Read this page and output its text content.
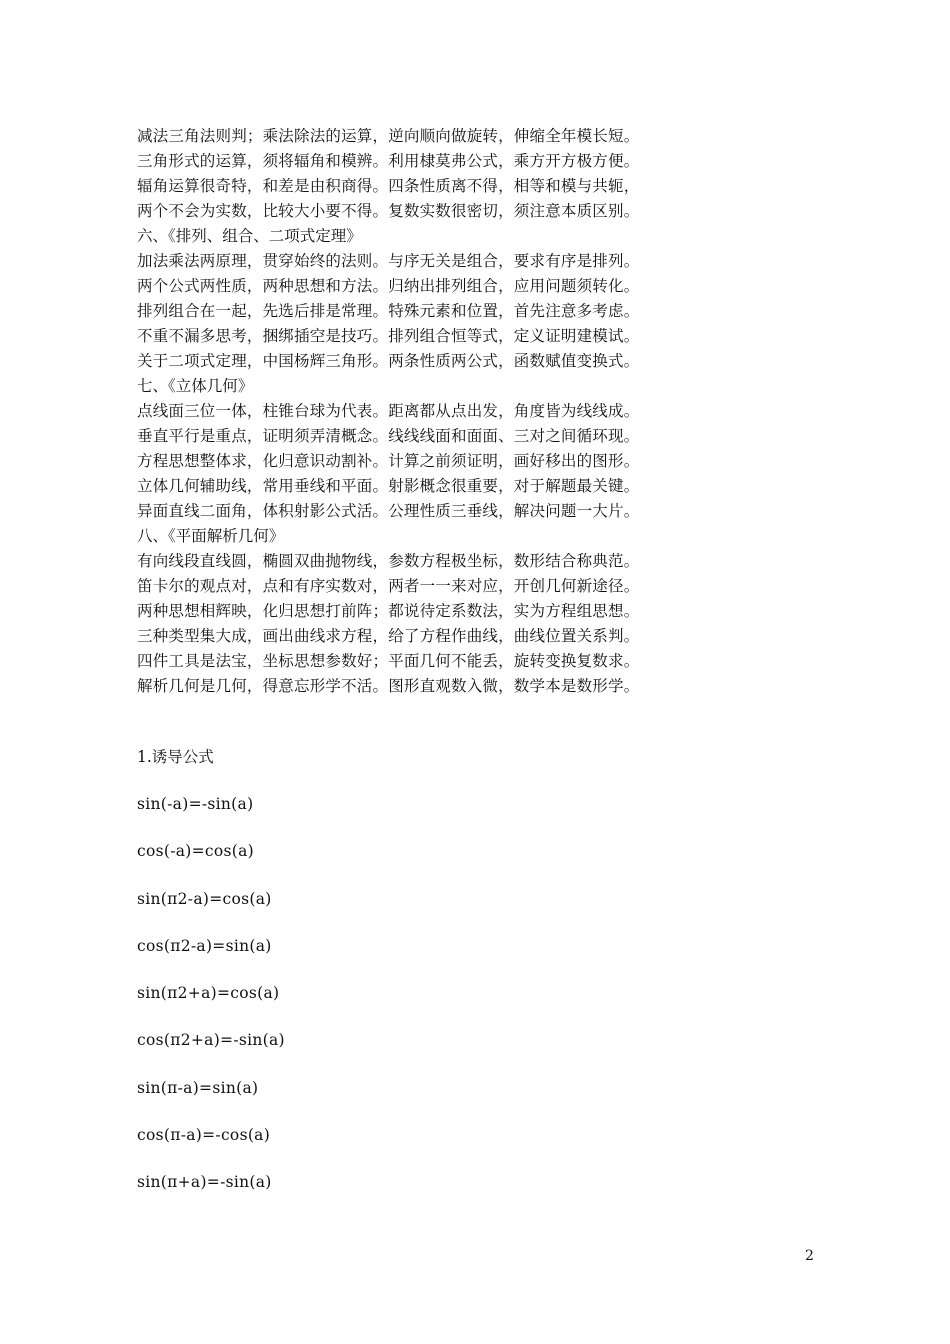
减法三角法则判；乘法除法的运算，逆向顺向做旋转，伸缩全年模长短。
三角形式的运算，须将辐角和模辨。利用棣莫弗公式，乘方开方极方便。
辐角运算很奇特，和差是由积商得。四条性质离不得，相等和模与共轭，
两个不会为实数，比较大小要不得。复数实数很密切，须注意本质区别。
六、《排列、组合、二项式定理》
加法乘法两原理，贯穿始终的法则。与序无关是组合，要求有序是排列。
两个公式两性质，两种思想和方法。归纳出排列组合，应用问题须转化。
排列组合在一起，先选后排是常理。特殊元素和位置，首先注意多考虑。
不重不漏多思考，捆绑插空是技巧。排列组合恒等式，定义证明建模试。
关于二项式定理，中国杨辉三角形。两条性质两公式，函数赋值变换式。
七、《立体几何》
点线面三位一体，柱锥台球为代表。距离都从点出发，角度皆为线线成。
垂直平行是重点，证明须弄清概念。线线线面和面面、三对之间循环现。
方程思想整体求，化归意识动割补。计算之前须证明，画好移出的图形。
立体几何辅助线，常用垂线和平面。射影概念很重要，对于解题最关键。
异面直线二面角，体积射影公式活。公理性质三垂线，解决问题一大片。
八、《平面解析几何》
有向线段直线圆，椭圆双曲抛物线，参数方程极坐标，数形结合称典范。
笛卡尔的观点对，点和有序实数对，两者一一来对应，开创几何新途径。
两种思想相辉映，化归思想打前阵；都说待定系数法，实为方程组思想。
三种类型集大成，画出曲线求方程，给了方程作曲线，曲线位置关系判。
四件工具是法宝，坐标思想参数好；平面几何不能丢，旋转变换复数求。
解析几何是几何，得意忘形学不活。图形直观数入微，数学本是数形学。
1.诱导公式
sin(-a)=-sin(a)
cos(-a)=cos(a)
sin(π2-a)=cos(a)
cos(π2-a)=sin(a)
sin(π2+a)=cos(a)
cos(π2+a)=-sin(a)
sin(π-a)=sin(a)
cos(π-a)=-cos(a)
sin(π+a)=-sin(a)
2
